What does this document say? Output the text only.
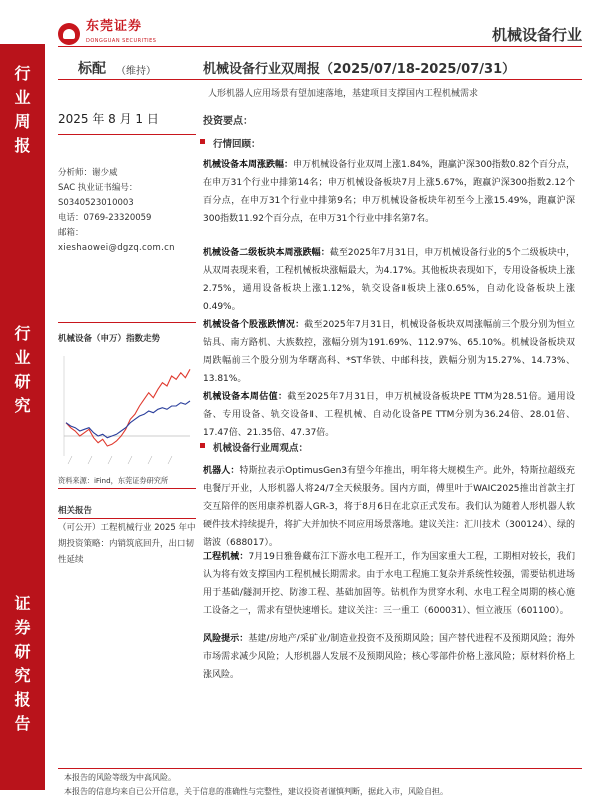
东莞证券
DONGGUAN SECURITIES	机械设备行业
行业周报
行业研究
证券研究报告
标配 （维持）	机械设备行业双周报（2025/07/18-2025/07/31）
人形机器人应用场景有望加速落地，基建项目支撑国内工程机械需求
2025 年 8 月 1 日
分析师：谢少威
SAC 执业证书编号：
S0340523010003
电话：0769-23320059
邮箱：
xieshaowei@dgzq.com.cn
机械设备（申万）指数走势
资料来源：iFind，东莞证券研究所
相关报告
（可公开）工程机械行业 2025 年中期投资策略：内销筑底回升，出口韧性延续
投资要点：
行情回顾：
机械设备本周涨跌幅：申万机械设备行业双周上涨1.84%，跑赢沪深300指数0.82个百分点，在申万31个行业中排第14名；申万机械设备板块7月上涨5.67%，跑赢沪深300指数2.12个百分点，在申万31个行业中排第9名；申万机械设备板块年初至今上涨15.49%，跑赢沪深300指数11.92个百分点，在申万31个行业中排名第7名。
机械设备二级板块本周涨跌幅：截至2025年7月31日，申万机械设备行业的5个二级板块中，从双周表现来看，工程机械板块涨幅最大，为4.17%。其他板块表现如下，专用设备板块上涨2.75%，通用设备板块上涨1.12%，轨交设备Ⅱ板块上涨0.65%，自动化设备板块上涨0.49%。
机械设备个股涨跌情况：截至2025年7月31日，机械设备板块双周涨幅前三个股分别为恒立钻具、南方路机、大族数控，涨幅分别为191.69%、112.97%、65.10%。机械设备板块双周跌幅前三个股分别为华曙高科、*ST华铁、中邮科技，跌幅分别为15.27%、14.73%、13.81%。
机械设备本周估值：截至2025年7月31日，申万机械设备板块PE TTM为28.51倍。通用设备、专用设备、轨交设备Ⅱ、工程机械、自动化设备PE TTM分别为36.24倍、28.01倍、17.47倍、21.35倍、47.37倍。
机械设备行业周观点：
机器人：特斯拉表示OptimusGen3有望今年推出，明年将大规模生产。此外，特斯拉超级充电餐厅开业，人形机器人将24/7全天候服务。国内方面，傅里叶于WAIC2025推出首款主打交互陪伴的医用康养机器人GR-3，将于8月6日在北京正式发布。我们认为随着人形机器人软硬件技术持续提升，将扩大并加快不同应用场景落地。建议关注：汇川技术（300124）、绿的谐波（688017）。
工程机械：7月19日雅鲁藏布江下游水电工程开工，作为国家重大工程，工期相对较长，我们认为将有效支撑国内工程机械长期需求。由于水电工程施工复杂并系统性较强，需要钻机进场用于基础/隧洞开挖、防渗工程、基础加固等。钻机作为贯穿水利、水电工程全周期的核心施工设备之一，需求有望快速增长。建议关注：三一重工（600031）、恒立液压（601100）。
风险提示：基建/房地产/采矿业/制造业投资不及预期风险；国产替代进程不及预期风险；海外市场需求减少风险；人形机器人发展不及预期风险；核心零部件价格上涨风险；原材料价格上涨风险。
本报告的风险等级为中高风险。
本报告的信息均来自已公开信息，关于信息的准确性与完整性，建议投资者谨慎判断，据此入市，风险自担。
